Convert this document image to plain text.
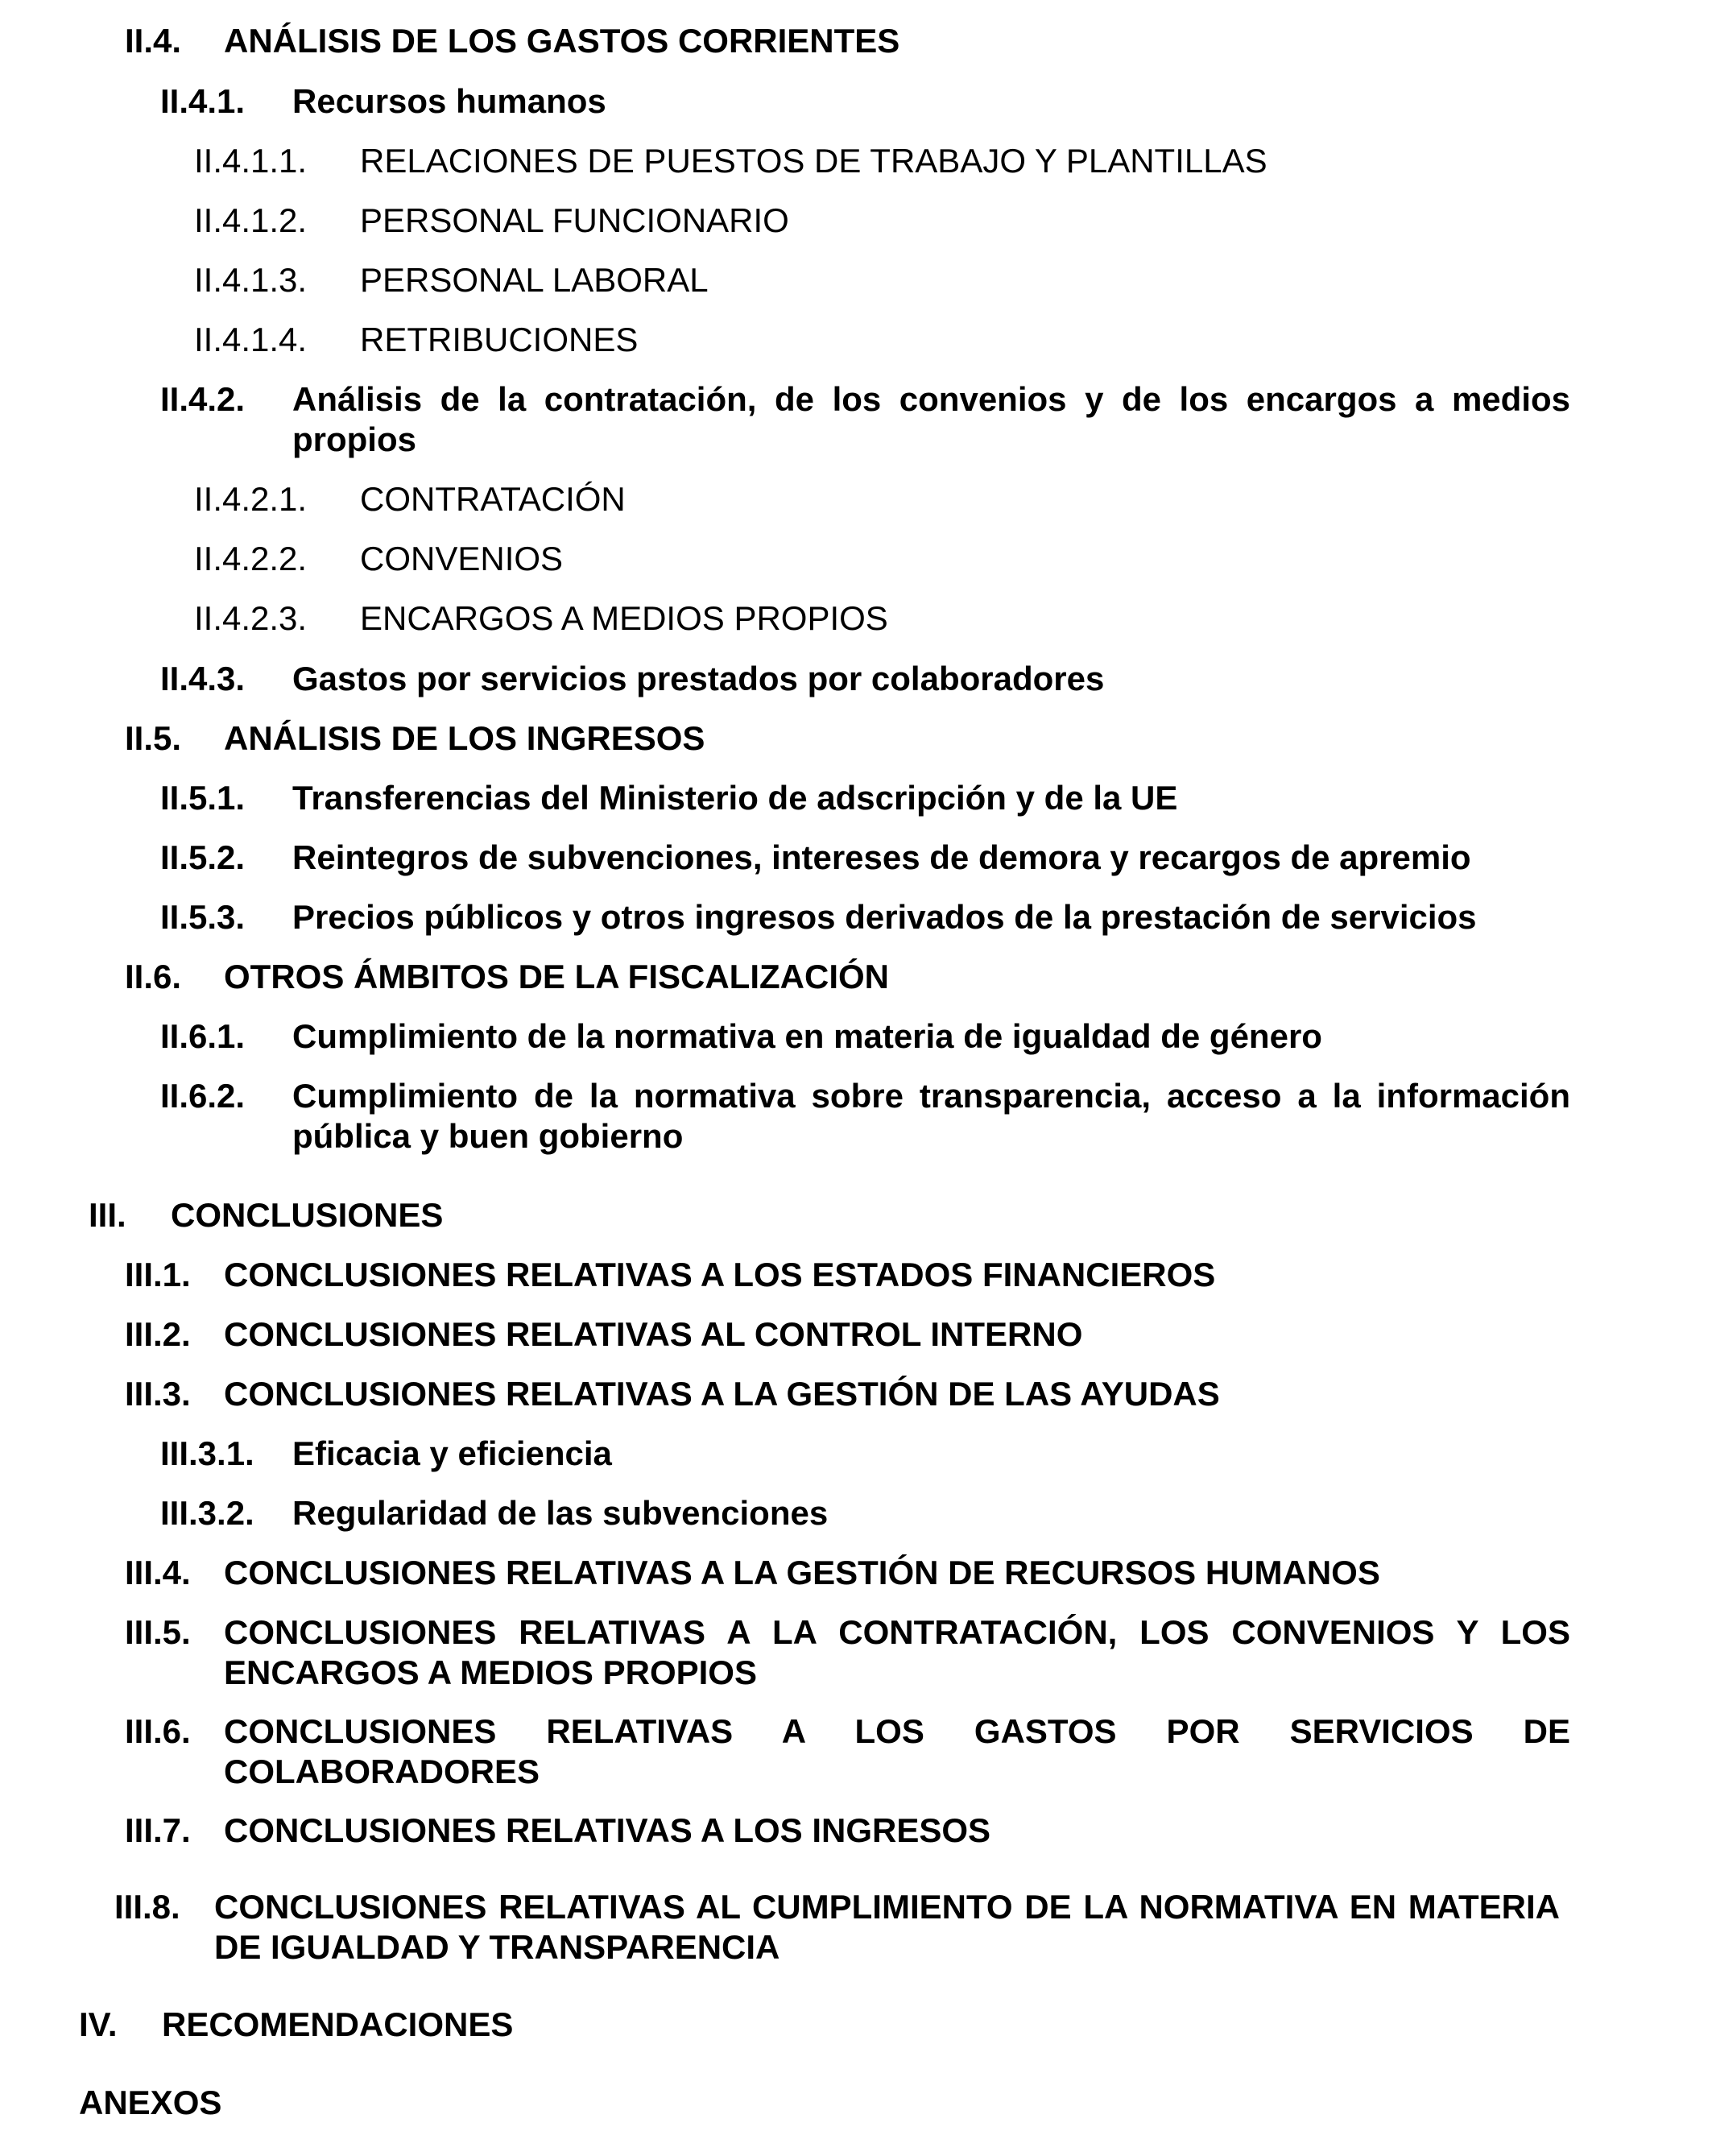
II.4. ANÁLISIS DE LOS GASTOS CORRIENTES
II.4.1. Recursos humanos
II.4.1.1. RELACIONES DE PUESTOS DE TRABAJO Y PLANTILLAS
II.4.1.2. PERSONAL FUNCIONARIO
II.4.1.3. PERSONAL LABORAL
II.4.1.4. RETRIBUCIONES
II.4.2. Análisis de la contratación, de los convenios y de los encargos a medios propios
II.4.2.1. CONTRATACIÓN
II.4.2.2. CONVENIOS
II.4.2.3. ENCARGOS A MEDIOS PROPIOS
II.4.3. Gastos por servicios prestados por colaboradores
II.5. ANÁLISIS DE LOS INGRESOS
II.5.1. Transferencias del Ministerio de adscripción y de la UE
II.5.2. Reintegros de subvenciones, intereses de demora y recargos de apremio
II.5.3. Precios públicos y otros ingresos derivados de la prestación de servicios
II.6. OTROS ÁMBITOS DE LA FISCALIZACIÓN
II.6.1. Cumplimiento de la normativa en materia de igualdad de género
II.6.2. Cumplimiento de la normativa sobre transparencia, acceso a la información pública y buen gobierno
III. CONCLUSIONES
III.1. CONCLUSIONES RELATIVAS A LOS ESTADOS FINANCIEROS
III.2. CONCLUSIONES RELATIVAS AL CONTROL INTERNO
III.3. CONCLUSIONES RELATIVAS A LA GESTIÓN DE LAS AYUDAS
III.3.1. Eficacia y eficiencia
III.3.2. Regularidad de las subvenciones
III.4. CONCLUSIONES RELATIVAS A LA GESTIÓN DE RECURSOS HUMANOS
III.5. CONCLUSIONES RELATIVAS A LA CONTRATACIÓN, LOS CONVENIOS Y LOS ENCARGOS A MEDIOS PROPIOS
III.6. CONCLUSIONES RELATIVAS A LOS GASTOS POR SERVICIOS DE COLABORADORES
III.7. CONCLUSIONES RELATIVAS A LOS INGRESOS
III.8. CONCLUSIONES RELATIVAS AL CUMPLIMIENTO DE LA NORMATIVA EN MATERIA DE IGUALDAD Y TRANSPARENCIA
IV. RECOMENDACIONES
ANEXOS
